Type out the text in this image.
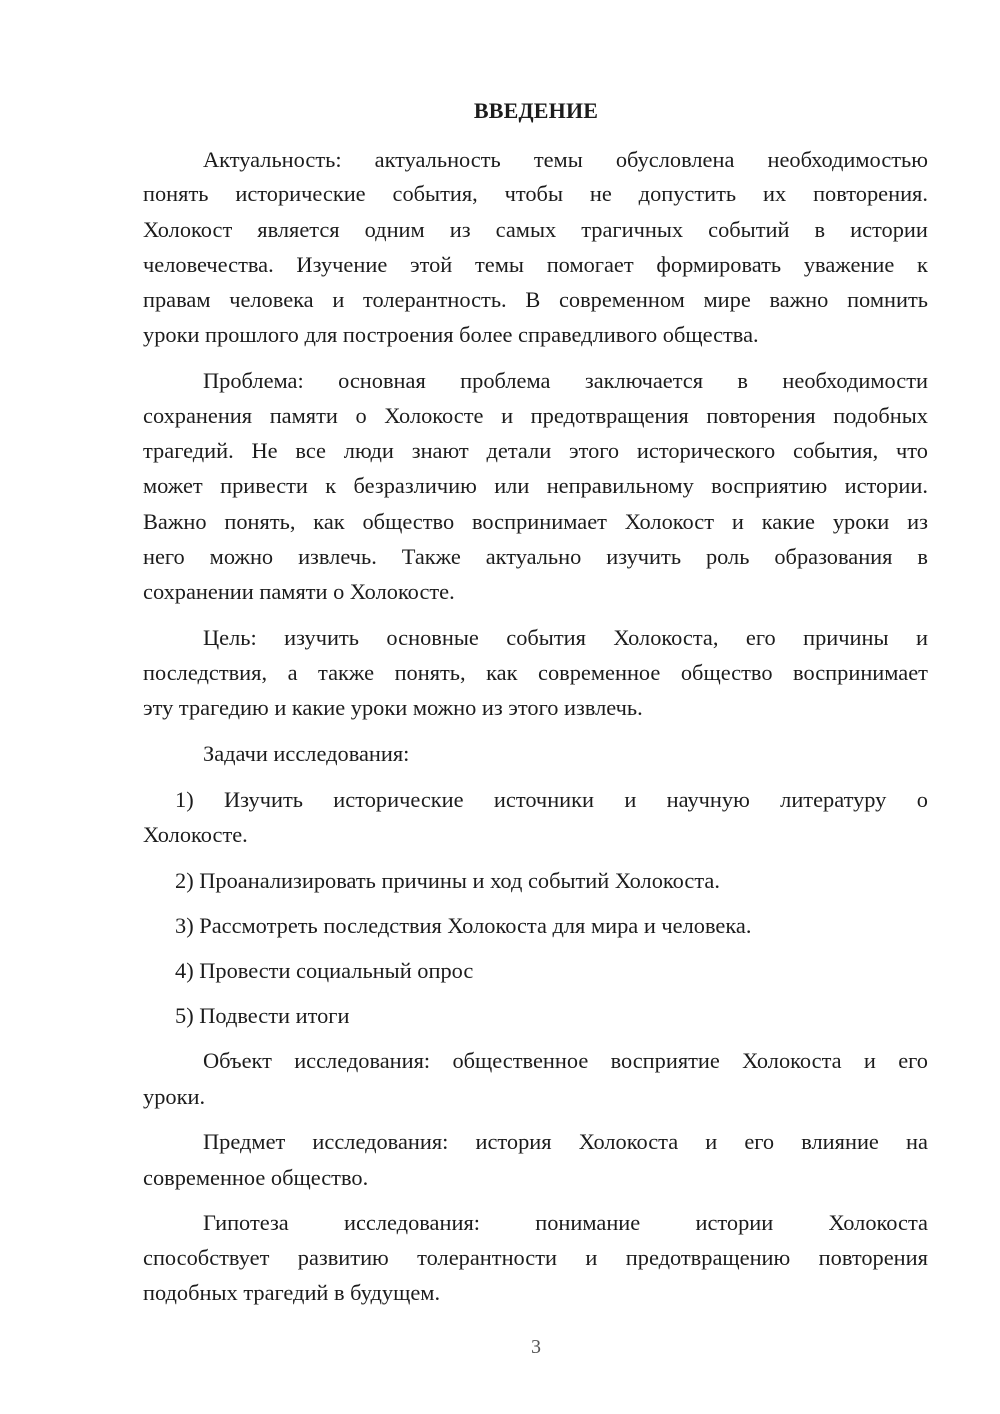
ВВЕДЕНИЕ
Актуальность: актуальность темы обусловлена необходимостью
понять исторические события, чтобы не допустить их повторения.
Холокост является одним из самых трагичных событий в истории
человечества. Изучение этой темы помогает формировать уважение к
правам человека и толерантность. В современном мире важно помнить
уроки прошлого для построения более справедливого общества.
Проблема: основная проблема заключается в необходимости
сохранения памяти о Холокосте и предотвращения повторения подобных
трагедий. Не все люди знают детали этого исторического события, что
может привести к безразличию или неправильному восприятию истории.
Важно понять, как общество воспринимает Холокост и какие уроки из
него можно извлечь. Также актуально изучить роль образования в
сохранении памяти о Холокосте.
Цель: изучить основные события Холокоста, его причины и
последствия, а также понять, как современное общество воспринимает
эту трагедию и какие уроки можно из этого извлечь.
Задачи исследования:
1) Изучить исторические источники и научную литературу о
Холокосте.
2) Проанализировать причины и ход событий Холокоста.
3) Рассмотреть последствия Холокоста для мира и человека.
4) Провести социальный опрос
5) Подвести итоги
Объект исследования: общественное восприятие Холокоста и его
уроки.
Предмет исследования: история Холокоста и его влияние на
современное общество.
Гипотеза исследования: понимание истории Холокоста
способствует развитию толерантности и предотвращению повторения
подобных трагедий в будущем.
3
